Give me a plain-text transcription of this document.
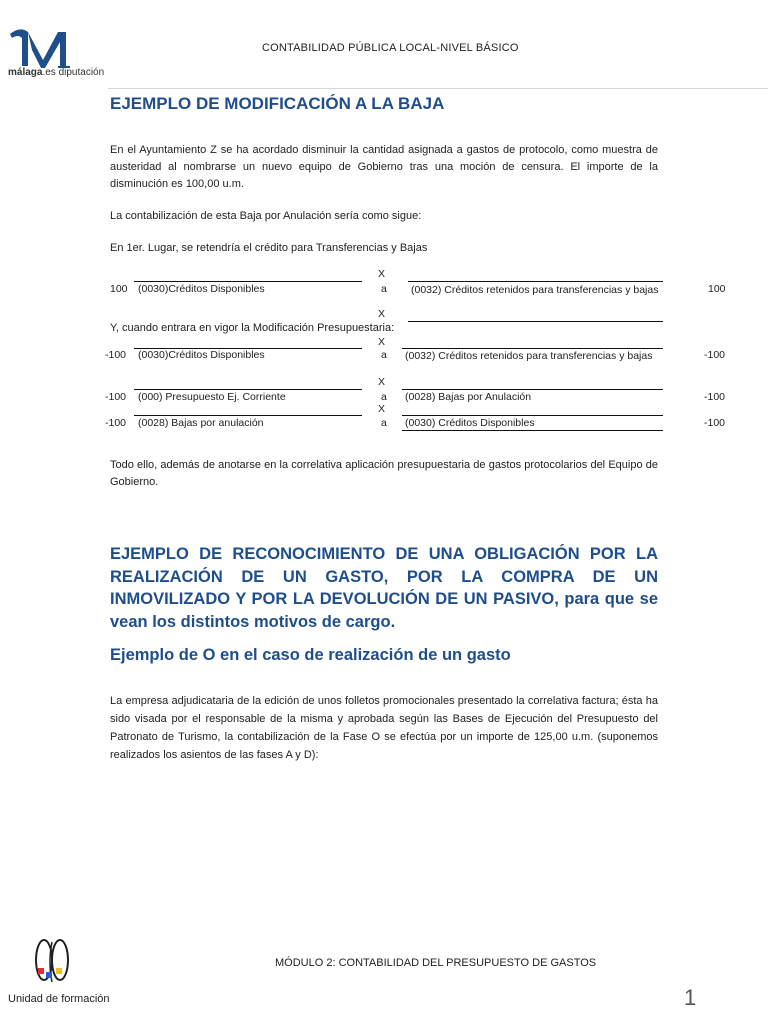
málaga.es diputación
CONTABILIDAD PÚBLICA LOCAL-NIVEL BÁSICO
EJEMPLO DE MODIFICACIÓN A LA BAJA
En el Ayuntamiento Z se ha acordado disminuir la cantidad asignada a gastos de protocolo, como muestra de austeridad al nombrarse un nuevo equipo de Gobierno tras una moción de censura. El importe de la disminución es 100,00 u.m.
La contabilización de esta Baja por Anulación sería como sigue:
En 1er. Lugar, se retendría el crédito para Transferencias y Bajas
X
100 (0030)Créditos Disponibles	a (0032) Créditos retenidos para transferencias y bajas	100
X
Y, cuando entrara en vigor la Modificación Presupuestaria:
X
-100 (0030)Créditos Disponibles	a (0032) Créditos retenidos para transferencias y bajas	-100
X
-100 (000) Presupuesto Ej. Corriente	a (0028) Bajas por Anulación	-100
X
-100 (0028) Bajas por anulación	a (0030) Créditos Disponibles	-100
Todo ello, además de anotarse en la correlativa aplicación presupuestaria de gastos protocolarios del Equipo de Gobierno.
EJEMPLO DE RECONOCIMIENTO DE UNA OBLIGACIÓN POR LA REALIZACIÓN DE UN GASTO, POR LA COMPRA DE UN INMOVILIZADO Y POR LA DEVOLUCIÓN DE UN PASIVO, para que se vean los distintos motivos de cargo.
Ejemplo de O en el caso de realización de un gasto
La empresa adjudicataria de la edición de unos folletos promocionales presentado la correlativa factura; ésta ha sido visada por el responsable de la misma y aprobada según las Bases de Ejecución del Presupuesto del Patronato de Turismo, la contabilización de la Fase O se efectúa por un importe de 125,00 u.m. (suponemos realizados los asientos de las fases A y D):
MÓDULO 2: CONTABILIDAD DEL PRESUPUESTO DE GASTOS
Unidad de formación	1
